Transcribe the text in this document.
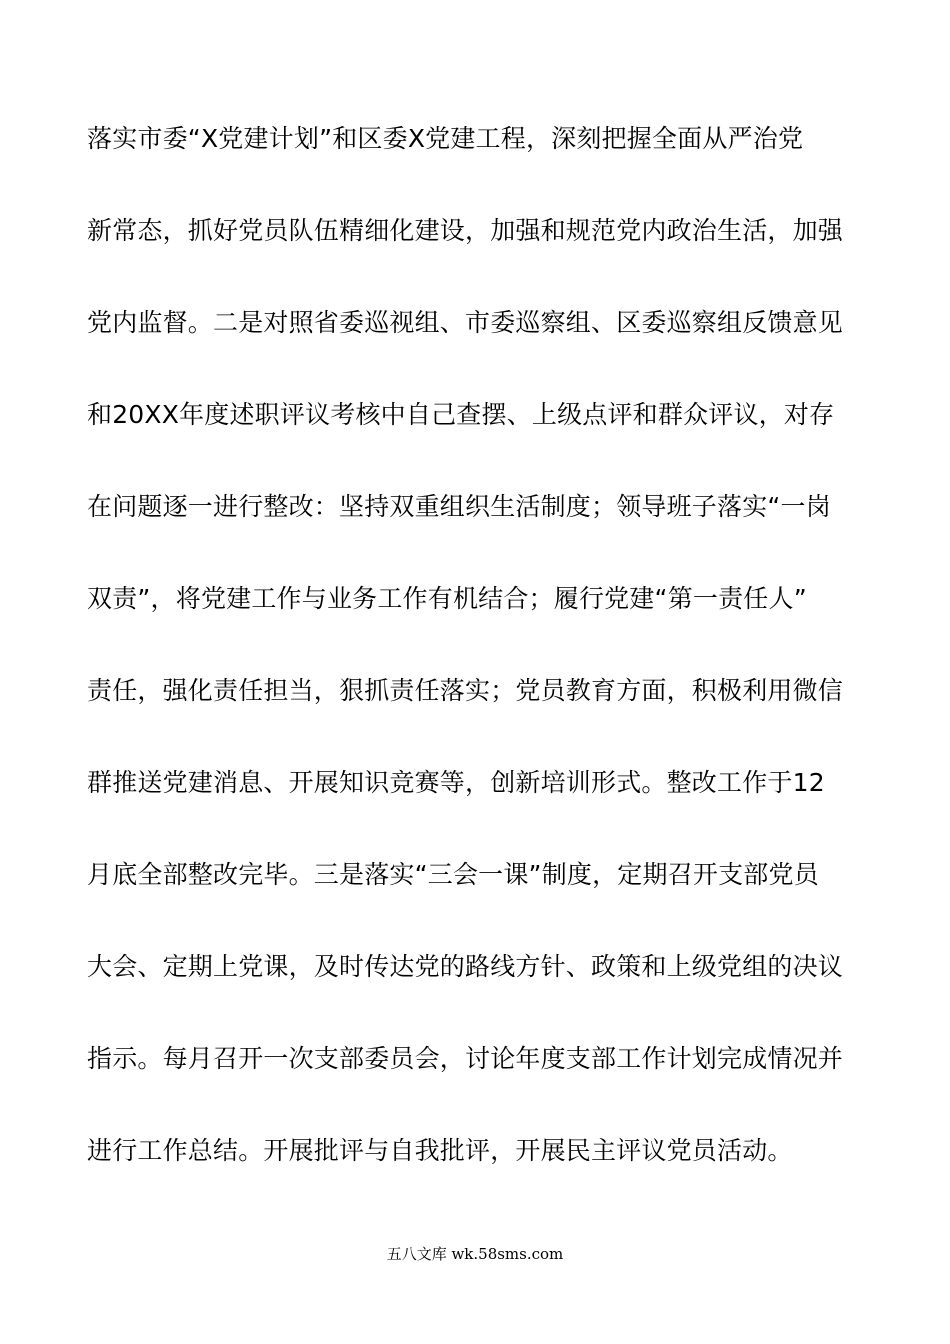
落实市委“X党建计划”和区委X党建工程，深刻把握全面从严治党
新常态，抓好党员队伍精细化建设，加强和规范党内政治生活，加强
党内监督。二是对照省委巡视组、市委巡察组、区委巡察组反馈意见
和20XX年度述职评议考核中自己查摆、上级点评和群众评议，对存
在问题逐一进行整改：坚持双重组织生活制度；领导班子落实“一岗
双责”，将党建工作与业务工作有机结合；履行党建“第一责任人”
责任，强化责任担当，狠抓责任落实；党员教育方面，积极利用微信
群推送党建消息、开展知识竞赛等，创新培训形式。整改工作于12
月底全部整改完毕。三是落实“三会一课”制度，定期召开支部党员
大会、定期上党课，及时传达党的路线方针、政策和上级党组的决议
指示。每月召开一次支部委员会，讨论年度支部工作计划完成情况并
进行工作总结。开展批评与自我批评，开展民主评议党员活动。
五八文库 wk.58sms.com
